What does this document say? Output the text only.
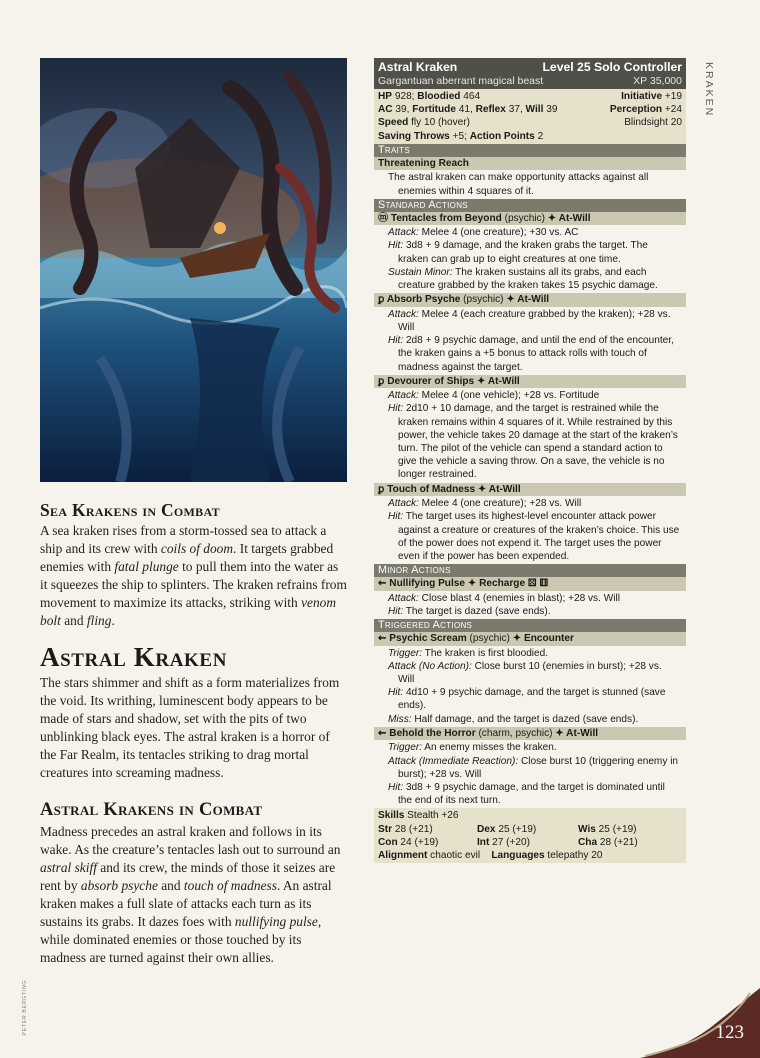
Sea Krakens in Combat

A sea kraken rises from a storm-tossed sea to attack a ship and its crew with coils of doom. It targets grabbed enemies with fatal plunge to pull them into the water as it squeezes the ship to splinters. The kraken refrains from movement to maximize its attacks, striking with venom bolt and fling.

Astral Kraken

The stars shimmer and shift as a form materializes from the void. Its writhing, luminescent body appears to be made of stars and shadow, set with the pits of two unblinking black eyes. The astral kraken is a horror of the Far Realm, its tentacles striking to drag mortal creatures into screaming madness.

Astral Krakens in Combat

Madness precedes an astral kraken and follows in its wake. As the creature’s tentacles lash out to surround an astral skiff and its crew, the minds of those it seizes are rent by absorb psyche and touch of madness. An astral kraken makes a full slate of attacks each turn as its sustains its grabs. It dazes foes with nullifying pulse, while dominated enemies or those touched by its madness are turned against their own allies.

Astral Kraken	Level 25 Solo Controller
Gargantuan aberrant magical beast	XP 35,000
HP 928; Bloodied 464	Initiative +19
AC 39, Fortitude 41, Reflex 37, Will 39	Perception +24
Speed fly 10 (hover)	Blindsight 20
Saving Throws +5; Action Points 2
Traits
Threatening Reach
The astral kraken can make opportunity attacks against all enemies within 4 squares of it.
Standard Actions
ⓜ Tentacles from Beyond (psychic) ✦ At-Will
Attack: Melee 4 (one creature); +30 vs. AC
Hit: 3d8 + 9 damage, and the kraken grabs the target. The kraken can grab up to eight creatures at one time.
Sustain Minor: The kraken sustains all its grabs, and each creature grabbed by the kraken takes 15 psychic damage.
ꝑ Absorb Psyche (psychic) ✦ At-Will
Attack: Melee 4 (each creature grabbed by the kraken); +28 vs. Will
Hit: 2d8 + 9 psychic damage, and until the end of the encounter, the kraken gains a +5 bonus to attack rolls with touch of madness against the target.
ꝑ Devourer of Ships ✦ At-Will
Attack: Melee 4 (one vehicle); +28 vs. Fortitude
Hit: 2d10 + 10 damage, and the target is restrained while the kraken remains within 4 squares of it. While restrained by this power, the vehicle takes 20 damage at the start of the kraken’s turn. The pilot of the vehicle can spend a standard action to give the vehicle a saving throw. On a save, the vehicle is no longer restrained.
ꝑ Touch of Madness ✦ At-Will
Attack: Melee 4 (one creature); +28 vs. Will
Hit: The target uses its highest-level encounter attack power against a creature or creatures of the kraken’s choice. This use of the power does not expend it. The target uses the power even if the power has been expended.
Minor Actions
⇜ Nullifying Pulse ✦ Recharge ⚄ ⚅
Attack: Close blast 4 (enemies in blast); +28 vs. Will
Hit: The target is dazed (save ends).
Triggered Actions
⇜ Psychic Scream (psychic) ✦ Encounter
Trigger: The kraken is first bloodied.
Attack (No Action): Close burst 10 (enemies in burst); +28 vs. Will
Hit: 4d10 + 9 psychic damage, and the target is stunned (save ends).
Miss: Half damage, and the target is dazed (save ends).
⇜ Behold the Horror (charm, psychic) ✦ At-Will
Trigger: An enemy misses the kraken.
Attack (Immediate Reaction): Close burst 10 (triggering enemy in burst); +28 vs. Will
Hit: 3d8 + 9 psychic damage, and the target is dominated until the end of its next turn.
Skills Stealth +26
Str 28 (+21)	Dex 25 (+19)	Wis 25 (+19)
Con 24 (+19)	Int 27 (+20)	Cha 28 (+21)
Alignment chaotic evil Languages telepathy 20
KRAKEN
PETER BERGTING	123
